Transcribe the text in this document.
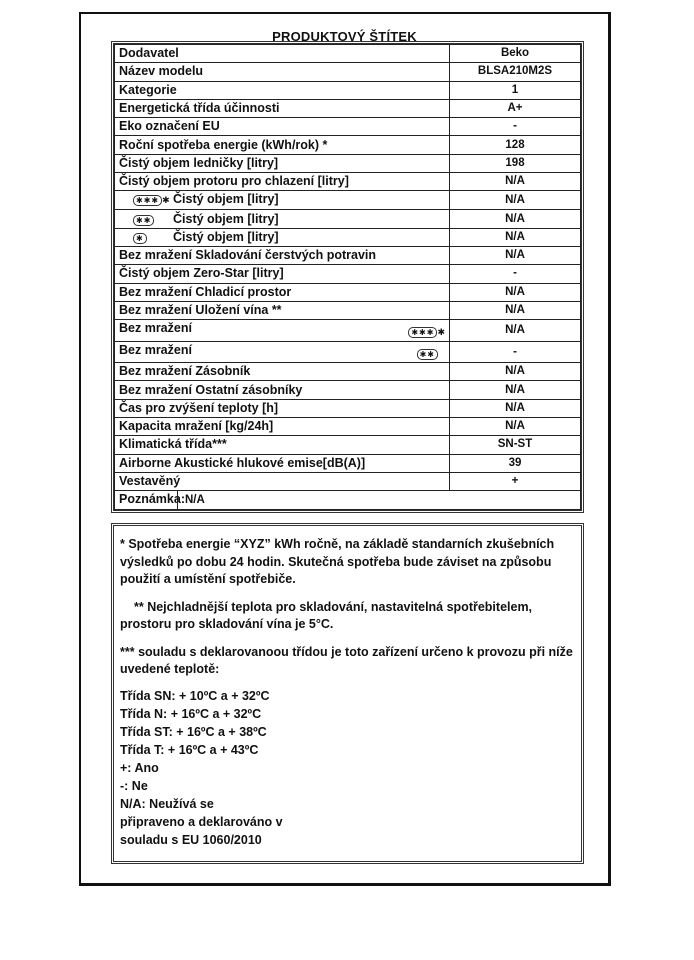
PRODUKTOVÝ ŠTÍTEK
Dodavatel	Beko
Název modelu	BLSA210M2S
Kategorie	1
Energetická třída účinnosti	A+
Eko označení EU	-
Roční spotřeba energie (kWh/rok) *	128
Čistý objem ledničky [litry]	198
Čistý objem protoru pro chlazení [litry]	N/A
✱✱✱ ✱ Čistý objem [litry]	N/A
✱✱ Čistý objem [litry]	N/A
✱ Čistý objem [litry]	N/A
Bez mražení Skladování čerstvých potravin	N/A
Čistý objem Zero-Star [litry]	-
Bez mražení Chladicí prostor	N/A
Bez mražení Uložení vína **	N/A
Bez mražení ✱✱✱ ✱	N/A
Bez mražení ✱✱	-
Bez mražení Zásobník	N/A
Bez mražení Ostatní zásobníky	N/A
Čas pro zvýšení teploty [h]	N/A
Kapacita mražení [kg/24h]	N/A
Klimatická třída***	SN-ST
Airborne Akustické hlukové emise[dB(A)]	39
Vestavěný	+

Poznámka:N/A	

* Spotřeba energie “XYZ” kWh ročně, na základě standarních zkušebních výsledků po dobu 24 hodin. Skutečná spotřeba bude záviset na způsobu použití a umístění spotřebiče.

** Nejchladnější teplota pro skladování, nastavitelná spotřebitelem, prostoru pro skladování vína je 5°C.

*** souladu s deklarovanoou třídou je toto zařízení určeno k provozu při níže uvedené teplotě:

Třída SN: + 10ºC a + 32ºC
Třída N: + 16ºC a + 32ºC
Třída ST: + 16ºC a + 38ºC
Třída T: + 16ºC a + 43ºC
+: Ano
-: Ne
N/A: Neužívá se
připraveno a deklarováno v
souladu s EU 1060/2010
